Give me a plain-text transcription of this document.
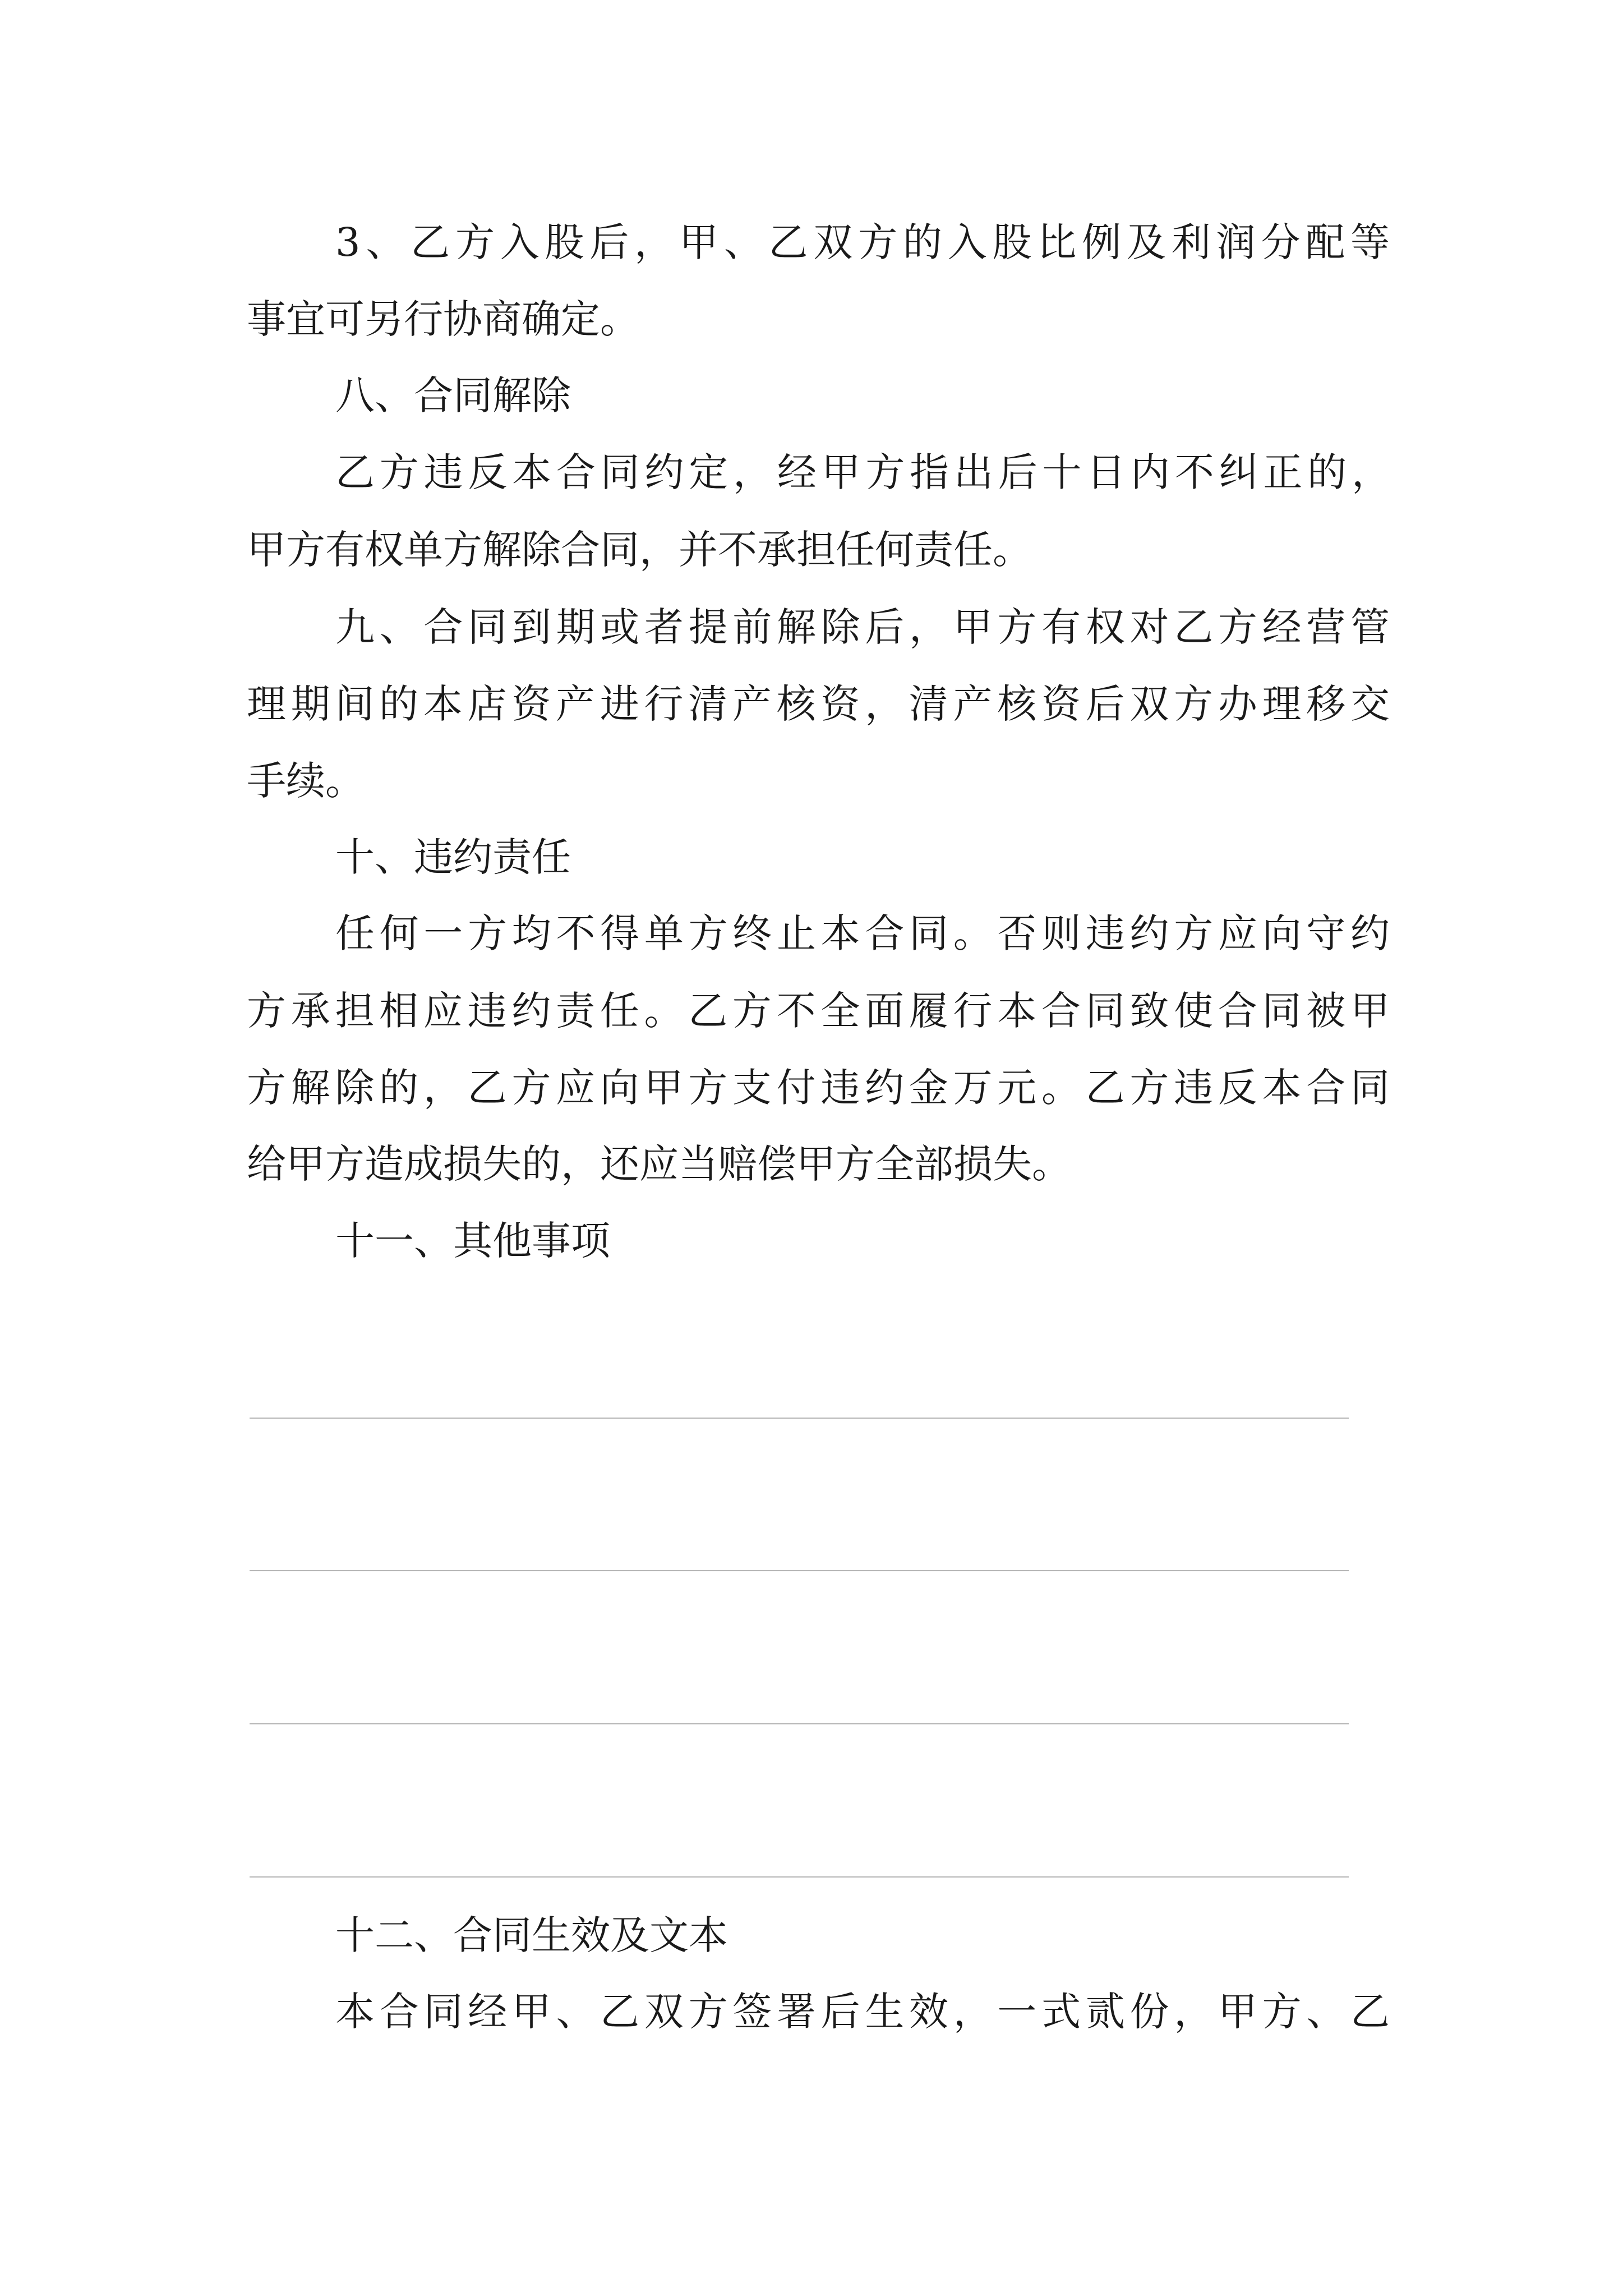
3、乙方入股后，甲、乙双方的入股比例及利润分配等
事宜可另行协商确定。
八、合同解除
乙方违反本合同约定，经甲方指出后十日内不纠正的，
甲方有权单方解除合同，并不承担任何责任。
九、合同到期或者提前解除后，甲方有权对乙方经营管
理期间的本店资产进行清产核资，清产核资后双方办理移交
手续。
十、违约责任
任何一方均不得单方终止本合同。否则违约方应向守约
方承担相应违约责任。乙方不全面履行本合同致使合同被甲
方解除的，乙方应向甲方支付违约金万元。乙方违反本合同
给甲方造成损失的，还应当赔偿甲方全部损失。
十一、其他事项
十二、合同生效及文本
本合同经甲、乙双方签署后生效，一式贰份，甲方、乙
